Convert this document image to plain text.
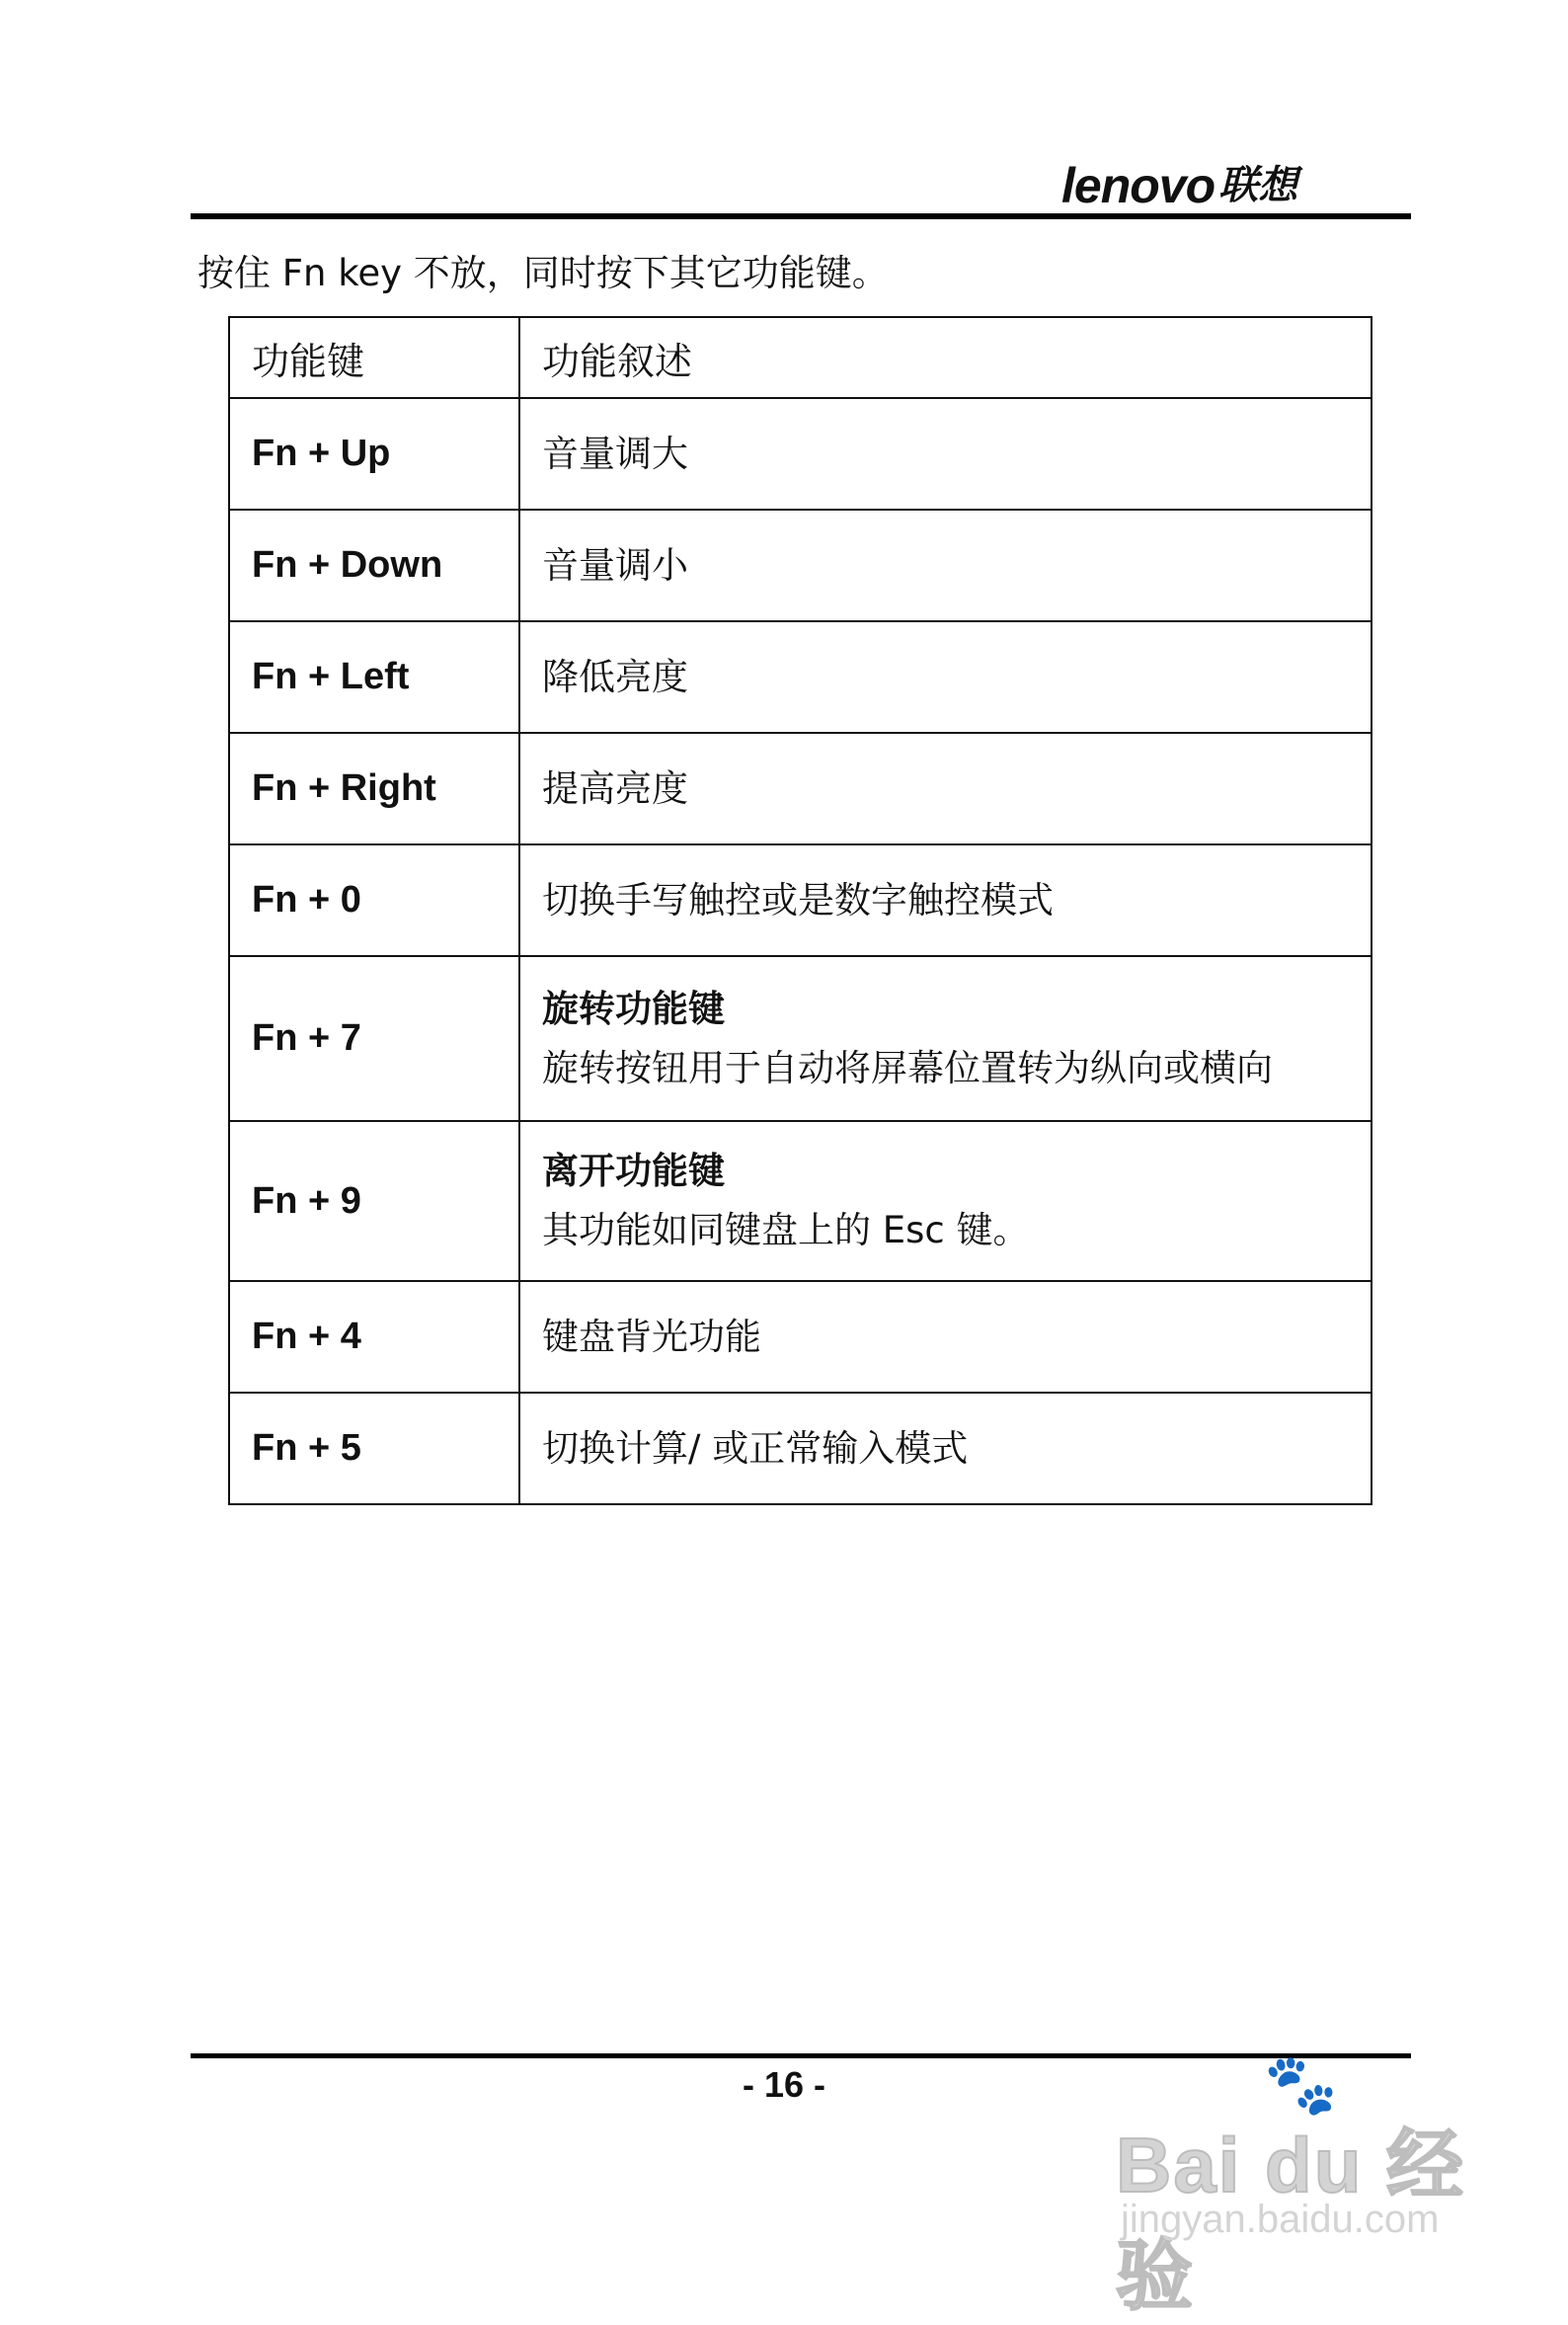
lenovo 联想
按住 Fn key 不放，同时按下其它功能键。
功能键	功能叙述
Fn + Up	音量调大
Fn + Down	音量调小
Fn + Left	降低亮度
Fn + Right	提高亮度
Fn + 0	切换手写触控或是数字触控模式
Fn + 7	旋转功能键
旋转按钮用于自动将屏幕位置转为纵向或横向

Fn + 9	离开功能键
其功能如同键盘上的 Esc 键。

Fn + 4	键盘背光功能
Fn + 5	切换计算/ 或正常输入模式
- 16 -	🐾
Bai du 经验
jingyan.baidu.com
